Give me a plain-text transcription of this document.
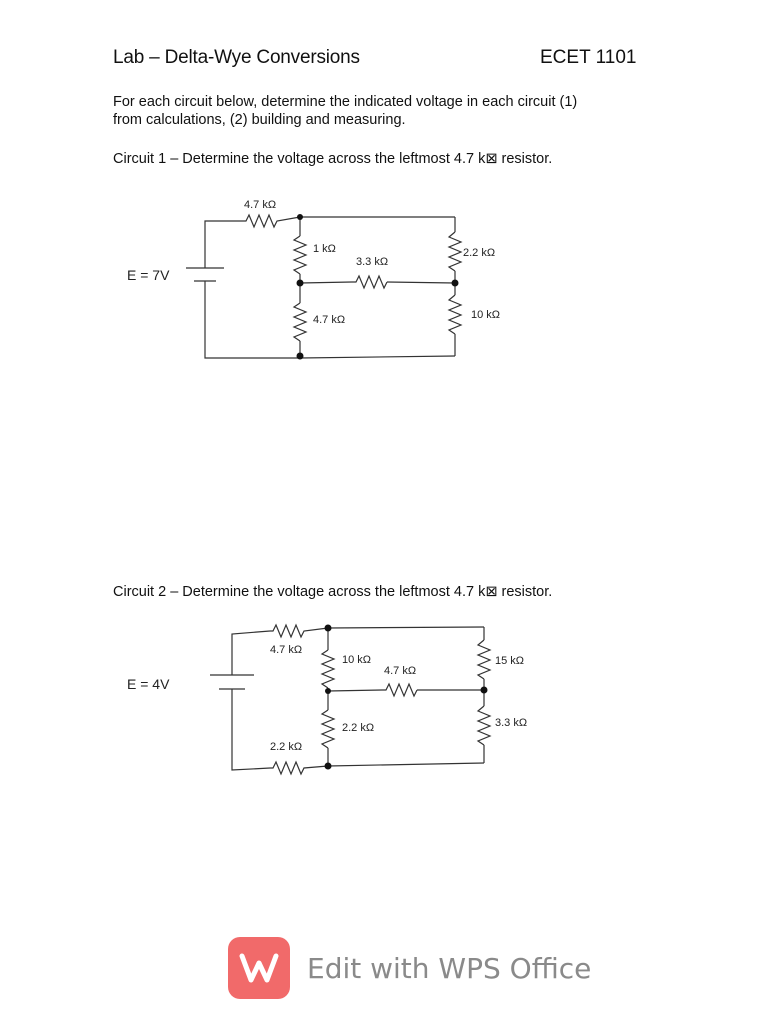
Lab – Delta-Wye Conversions	ECET 1101
For each circuit below, determine the indicated voltage in each circuit (1)
from calculations, (2) building and measuring.
Circuit 1 – Determine the voltage across the leftmost 4.7 k⊠ resistor.
4.7 kΩ
1 kΩ
3.3 kΩ
2.2 kΩ
4.7 kΩ	10 kΩ
E = 7V
Circuit 2 – Determine the voltage across the leftmost 4.7 k⊠ resistor.
4.7 kΩ
10 kΩ
4.7 kΩ
15 kΩ
2.2 kΩ	3.3 kΩ
2.2 kΩ
E = 4V
Edit with WPS Office
